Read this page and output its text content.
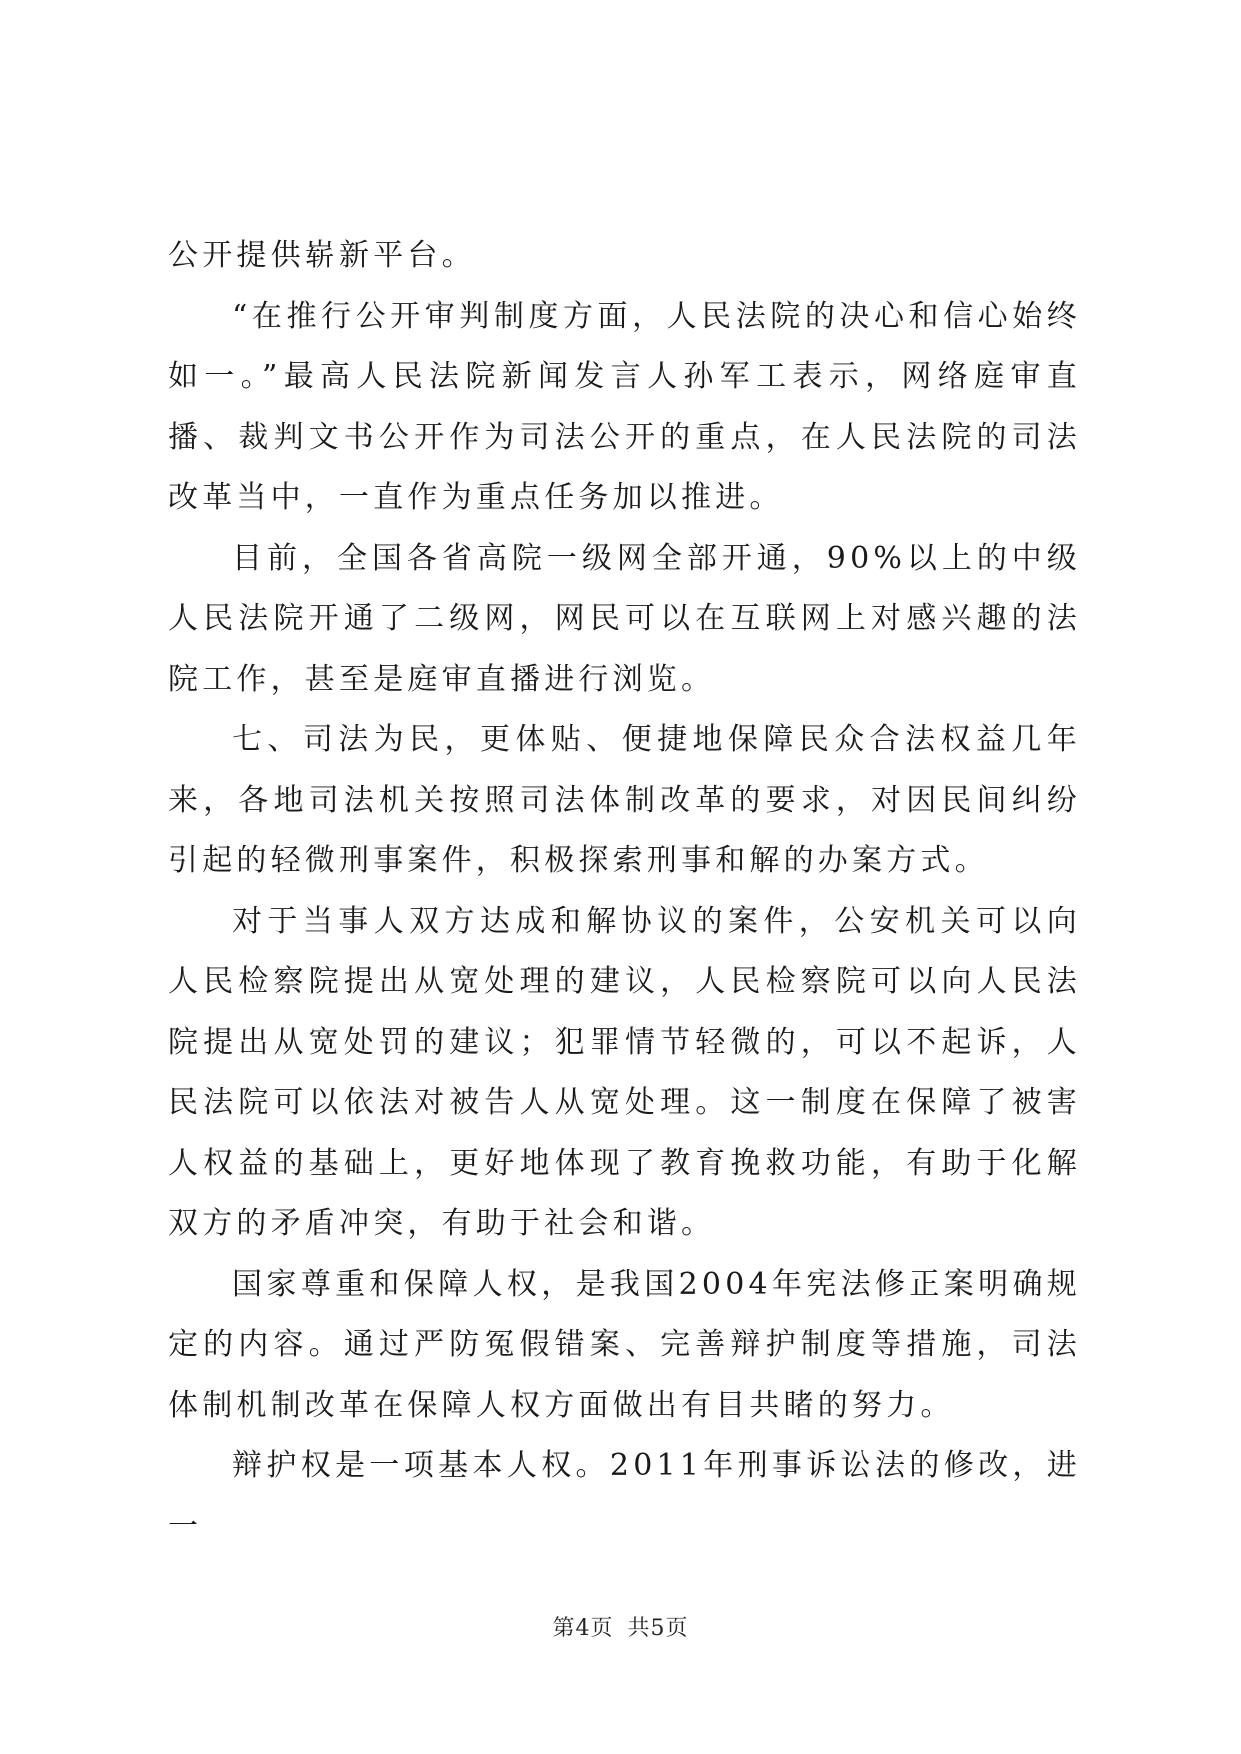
公开提供崭新平台。

“在推行公开审判制度方面，人民法院的决心和信心始终如一。”最高人民法院新闻发言人孙军工表示，网络庭审直播、裁判文书公开作为司法公开的重点，在人民法院的司法改革当中，一直作为重点任务加以推进。

目前，全国各省高院一级网全部开通，90%以上的中级人民法院开通了二级网，网民可以在互联网上对感兴趣的法院工作，甚至是庭审直播进行浏览。

七、司法为民，更体贴、便捷地保障民众合法权益几年来，各地司法机关按照司法体制改革的要求，对因民间纠纷引起的轻微刑事案件，积极探索刑事和解的办案方式。

对于当事人双方达成和解协议的案件，公安机关可以向人民检察院提出从宽处理的建议，人民检察院可以向人民法院提出从宽处罚的建议；犯罪情节轻微的，可以不起诉，人民法院可以依法对被告人从宽处理。这一制度在保障了被害人权益的基础上，更好地体现了教育挽救功能，有助于化解双方的矛盾冲突，有助于社会和谐。

国家尊重和保障人权，是我国2004年宪法修正案明确规定的内容。通过严防冤假错案、完善辩护制度等措施，司法体制机制改革在保障人权方面做出有目共睹的努力。

辩护权是一项基本人权。2011年刑事诉讼法的修改，进一

第4页 共5页
